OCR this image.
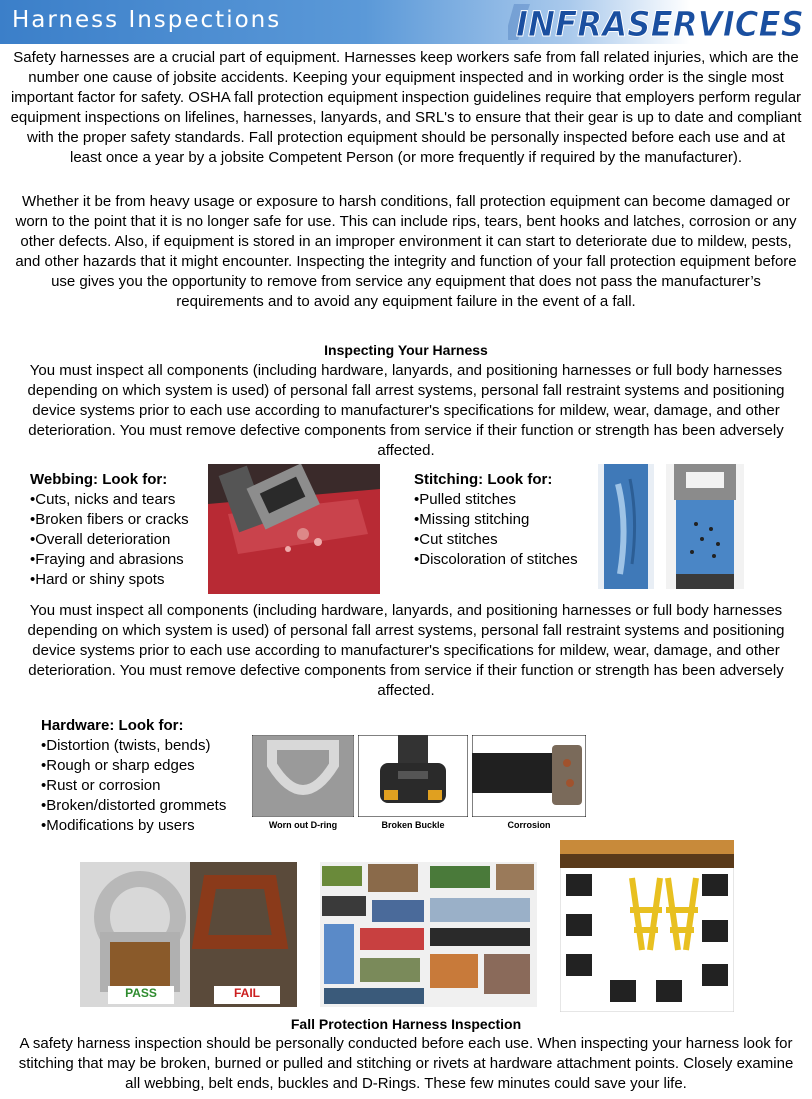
Harness Inspections	INFRASERVICES
Safety harnesses are a crucial part of equipment. Harnesses keep workers safe from fall related injuries, which are the number one cause of jobsite accidents. Keeping your equipment inspected and in working order is the single most important factor for safety. OSHA fall protection equipment inspection guidelines require that employers perform regular equipment inspections on lifelines, harnesses, lanyards, and SRL's to ensure that their gear is up to date and compliant with the proper safety standards. Fall protection equipment should be personally inspected before each use and at least once a year by a jobsite Competent Person (or more frequently if required by the manufacturer).
Whether it be from heavy usage or exposure to harsh conditions, fall protection equipment can become damaged or worn to the point that it is no longer safe for use. This can include rips, tears, bent hooks and latches, corrosion or any other defects. Also, if equipment is stored in an improper environment it can start to deteriorate due to mildew, pests, and other hazards that it might encounter. Inspecting the integrity and function of your fall protection equipment before use gives you the opportunity to remove from service any equipment that does not pass the manufacturer’s requirements and to avoid any equipment failure in the event of a fall.
Inspecting Your Harness
You must inspect all components (including hardware, lanyards, and positioning harnesses or full body harnesses depending on which system is used) of personal fall arrest systems, personal fall restraint systems and positioning device systems prior to each use according to manufacturer's specifications for mildew, wear, damage, and other deterioration. You must remove defective components from service if their function or strength has been adversely affected.
Webbing: Look for:
•Cuts, nicks and tears
•Broken fibers or cracks
•Overall deterioration
•Fraying and abrasions
•Hard or shiny spots
Stitching: Look for:
•Pulled stitches
•Missing stitching
•Cut stitches
•Discoloration of stitches
You must inspect all components (including hardware, lanyards, and positioning harnesses or full body harnesses depending on which system is used) of personal fall arrest systems, personal fall restraint systems and positioning device systems prior to each use according to manufacturer's specifications for mildew, wear, damage, and other deterioration. You must remove defective components from service if their function or strength has been adversely affected.
Hardware: Look for:
•Distortion (twists, bends)
•Rough or sharp edges
•Rust or corrosion
•Broken/distorted grommets
•Modifications by users	Worn out D-ring	Broken Buckle	Corrosion
PASS	FAIL
Fall Protection Harness Inspection
A safety harness inspection should be personally conducted before each use. When inspecting your harness look for stitching that may be broken, burned or pulled and stitching or rivets at hardware attachment points. Closely examine all webbing, belt ends, buckles and D-Rings. These few minutes could save your life.
